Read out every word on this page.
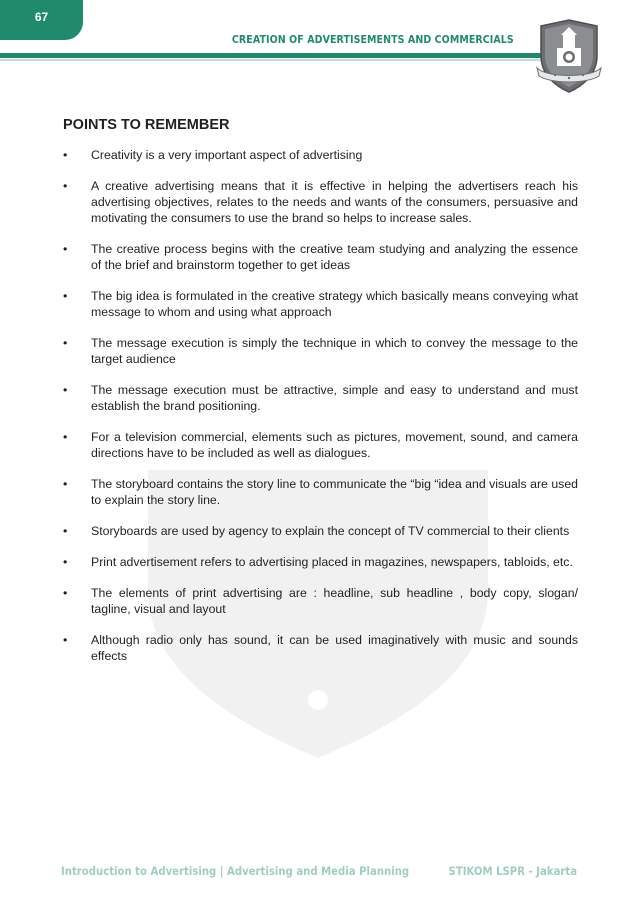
67
CREATION OF ADVERTISEMENTS AND COMMERCIALS
POINTS TO REMEMBER
• Creativity is a very important aspect of advertising
• A creative advertising means that it is effective in helping the advertisers reach his advertising objectives, relates to the needs and wants of the consumers, persuasive and motivating the consumers to use the brand so helps to increase sales.
• The creative process begins with the creative team studying and analyzing the essence of the brief and brainstorm together to get ideas
• The big idea is formulated in the creative strategy which basically means conveying what message to whom and using what approach
• The message execution is simply the technique in which to convey the message to the target audience
• The message execution must be attractive, simple and easy to understand and must establish the brand positioning.
• For a television commercial, elements such as pictures, movement, sound, and camera directions have to be included as well as dialogues.
• The storyboard contains the story line to communicate the “big “idea and visuals are used to explain the story line.
• Storyboards are used by agency to explain the concept of TV commercial to their clients
• Print advertisement refers to advertising placed in magazines, newspapers, tabloids, etc.
• The elements of print advertising are : headline, sub headline , body copy, slogan/ tagline, visual and layout
• Although radio only has sound, it can be used imaginatively with music and sounds effects
Introduction to Advertising | Advertising and Media Planning	STIKOM LSPR - Jakarta
